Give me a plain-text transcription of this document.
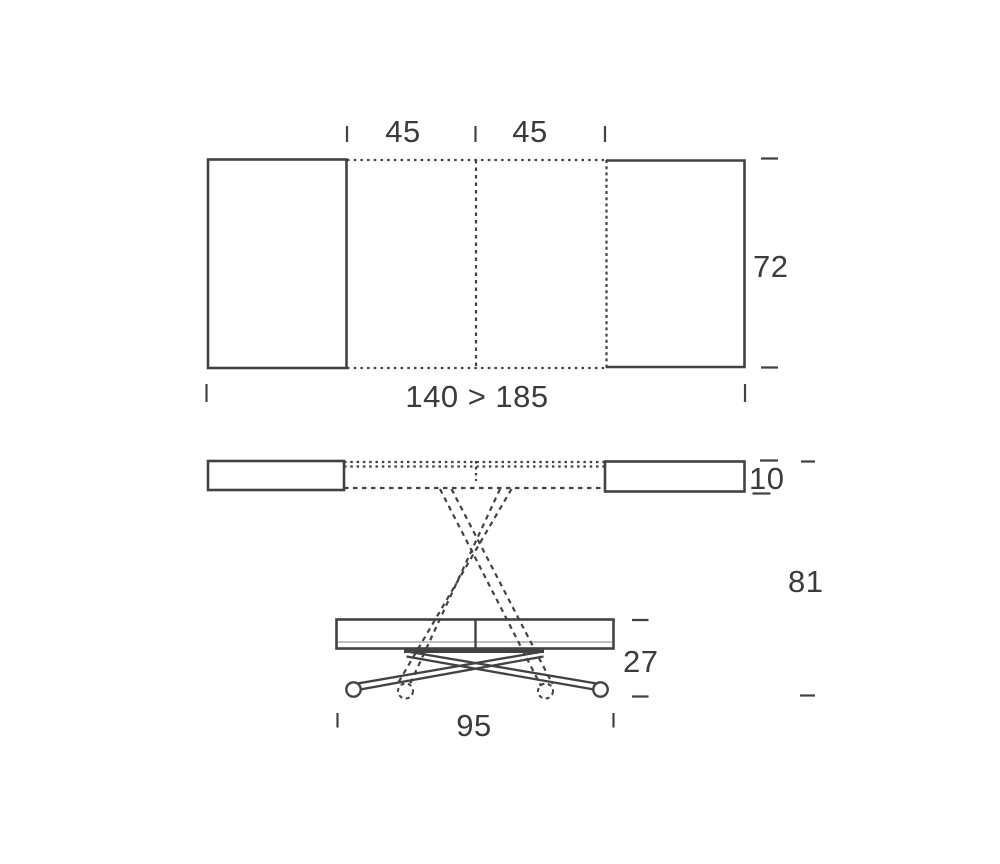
45	45
72
140 > 185
10
81
27
95
